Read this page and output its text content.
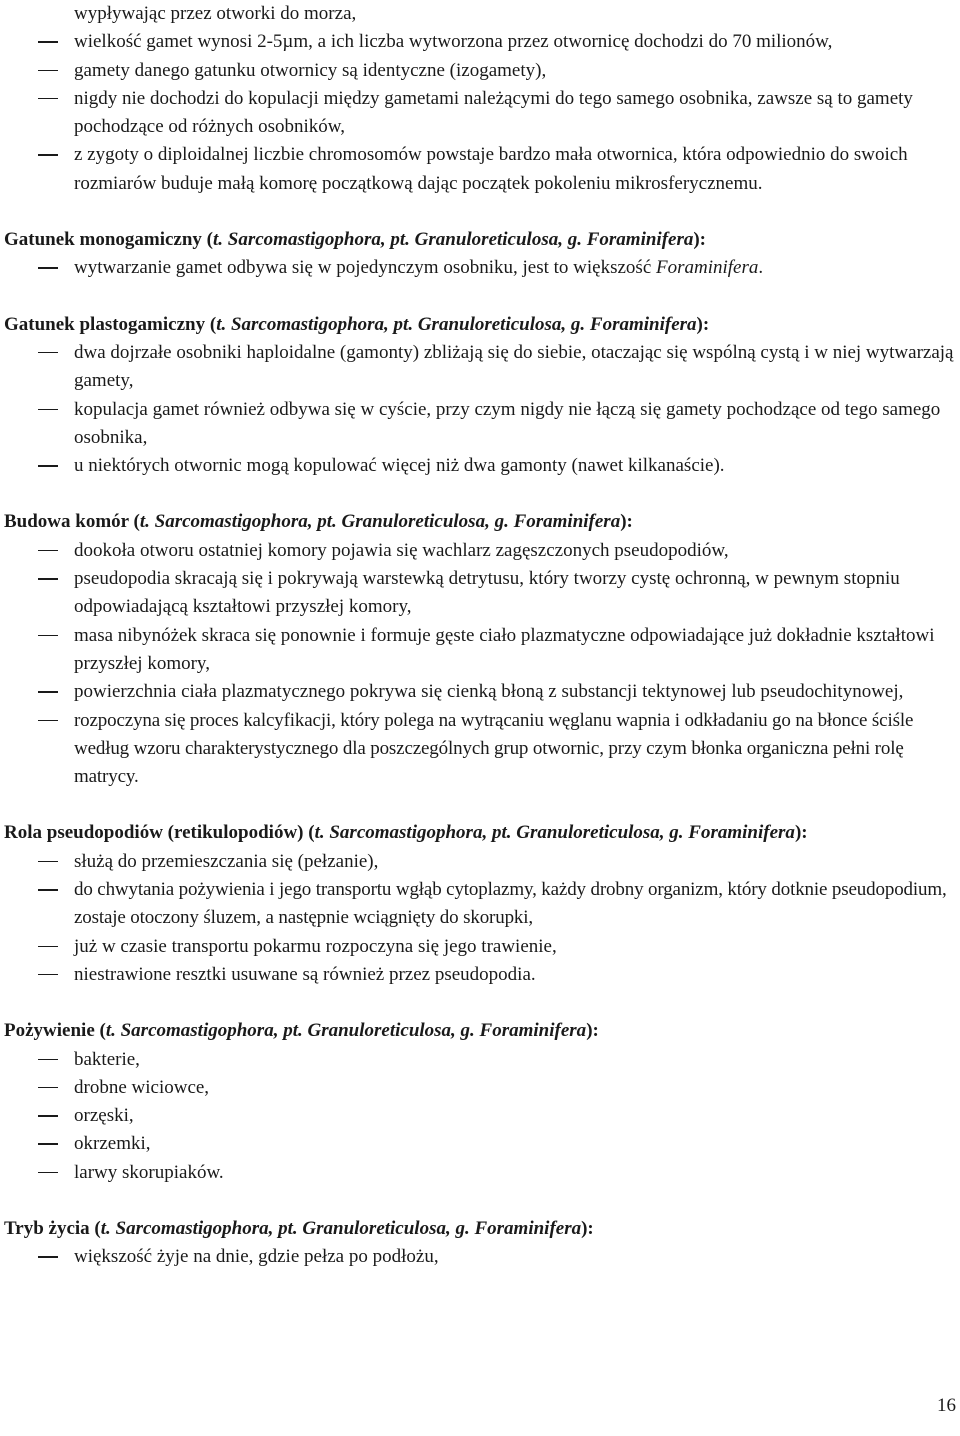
wypływając przez otworki do morza,

wielkość gamet wynosi 2-5µm, a ich liczba wytworzona przez otwornicę dochodzi do 70 milionów,
gamety danego gatunku otwornicy są identyczne (izogamety),
nigdy nie dochodzi do kopulacji między gametami należącymi do tego samego osobnika, zawsze są to gamety pochodzące od różnych osobników,
z zygoty o diploidalnej liczbie chromosomów powstaje bardzo mała otwornica, która odpowiednio do swoich rozmiarów buduje małą komorę początkową dając początek pokoleniu mikrosferycznemu.

Gatunek monogamiczny (t. Sarcomastigophora, pt. Granuloreticulosa, g. Foraminifera):

wytwarzanie gamet odbywa się w pojedynczym osobniku, jest to większość Foraminifera.

Gatunek plastogamiczny (t. Sarcomastigophora, pt. Granuloreticulosa, g. Foraminifera):

dwa dojrzałe osobniki haploidalne (gamonty) zbliżają się do siebie, otaczając się wspólną cystą i w niej wytwarzają gamety,
kopulacja gamet również odbywa się w cyście, przy czym nigdy nie łączą się gamety pochodzące od tego samego osobnika,
u niektórych otwornic mogą kopulować więcej niż dwa gamonty (nawet kilkanaście).

Budowa komór (t. Sarcomastigophora, pt. Granuloreticulosa, g. Foraminifera):

dookoła otworu ostatniej komory pojawia się wachlarz zagęszczonych pseudopodiów,
pseudopodia skracają się i pokrywają warstewką detrytusu, który tworzy cystę ochronną, w pewnym stopniu odpowiadającą kształtowi przyszłej komory,
masa nibynóżek skraca się ponownie i formuje gęste ciało plazmatyczne odpowiadające już dokładnie kształtowi przyszłej komory,
powierzchnia ciała plazmatycznego pokrywa się cienką błoną z substancji tektynowej lub pseudochitynowej,
rozpoczyna się proces kalcyfikacji, który polega na wytrącaniu węglanu wapnia i odkładaniu go na błonce ściśle według wzoru charakterystycznego dla poszczególnych grup otwornic, przy czym błonka organiczna pełni rolę matrycy.

Rola pseudopodiów (retikulopodiów) (t. Sarcomastigophora, pt. Granuloreticulosa, g. Foraminifera):

służą do przemieszczania się (pełzanie),
do chwytania pożywienia i jego transportu wgłąb cytoplazmy, każdy drobny organizm, który dotknie pseudopodium, zostaje otoczony śluzem, a następnie wciągnięty do skorupki,
już w czasie transportu pokarmu rozpoczyna się jego trawienie,
niestrawione resztki usuwane są również przez pseudopodia.

Pożywienie (t. Sarcomastigophora, pt. Granuloreticulosa, g. Foraminifera):

bakterie,
drobne wiciowce,
orzęski,
okrzemki,
larwy skorupiaków.

Tryb życia (t. Sarcomastigophora, pt. Granuloreticulosa, g. Foraminifera):

większość żyje na dnie, gdzie pełza po podłożu,
16
